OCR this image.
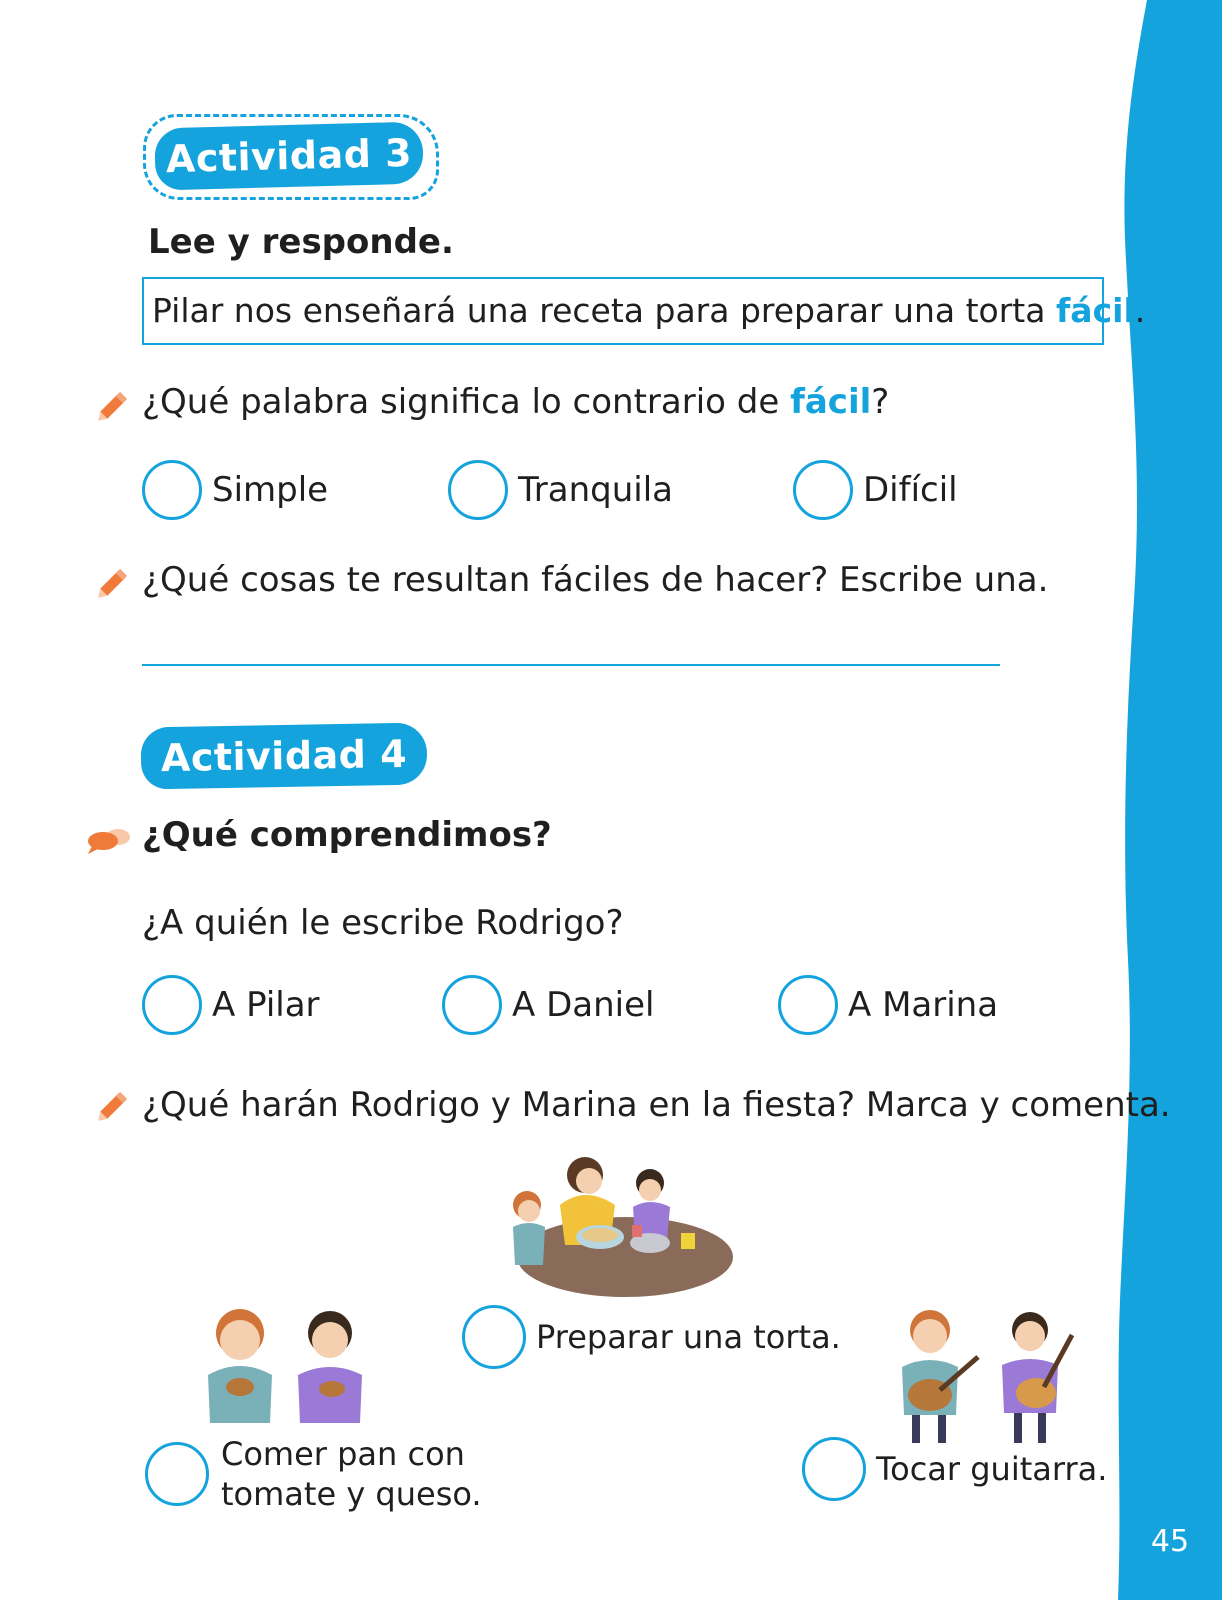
45
Actividad 3
Lee y responde.
Pilar nos enseñará una receta para preparar una torta fácil.
¿Qué palabra significa lo contrario de fácil?
Simple	Tranquila	Difícil
¿Qué cosas te resultan fáciles de hacer? Escribe una.
Actividad 4
¿Qué comprendimos?
¿A quién le escribe Rodrigo?
A Pilar	A Daniel	A Marina
¿Qué harán Rodrigo y Marina en la fiesta? Marca y comenta.
Preparar una torta.
Comer pan con
tomate y queso.
Tocar guitarra.
